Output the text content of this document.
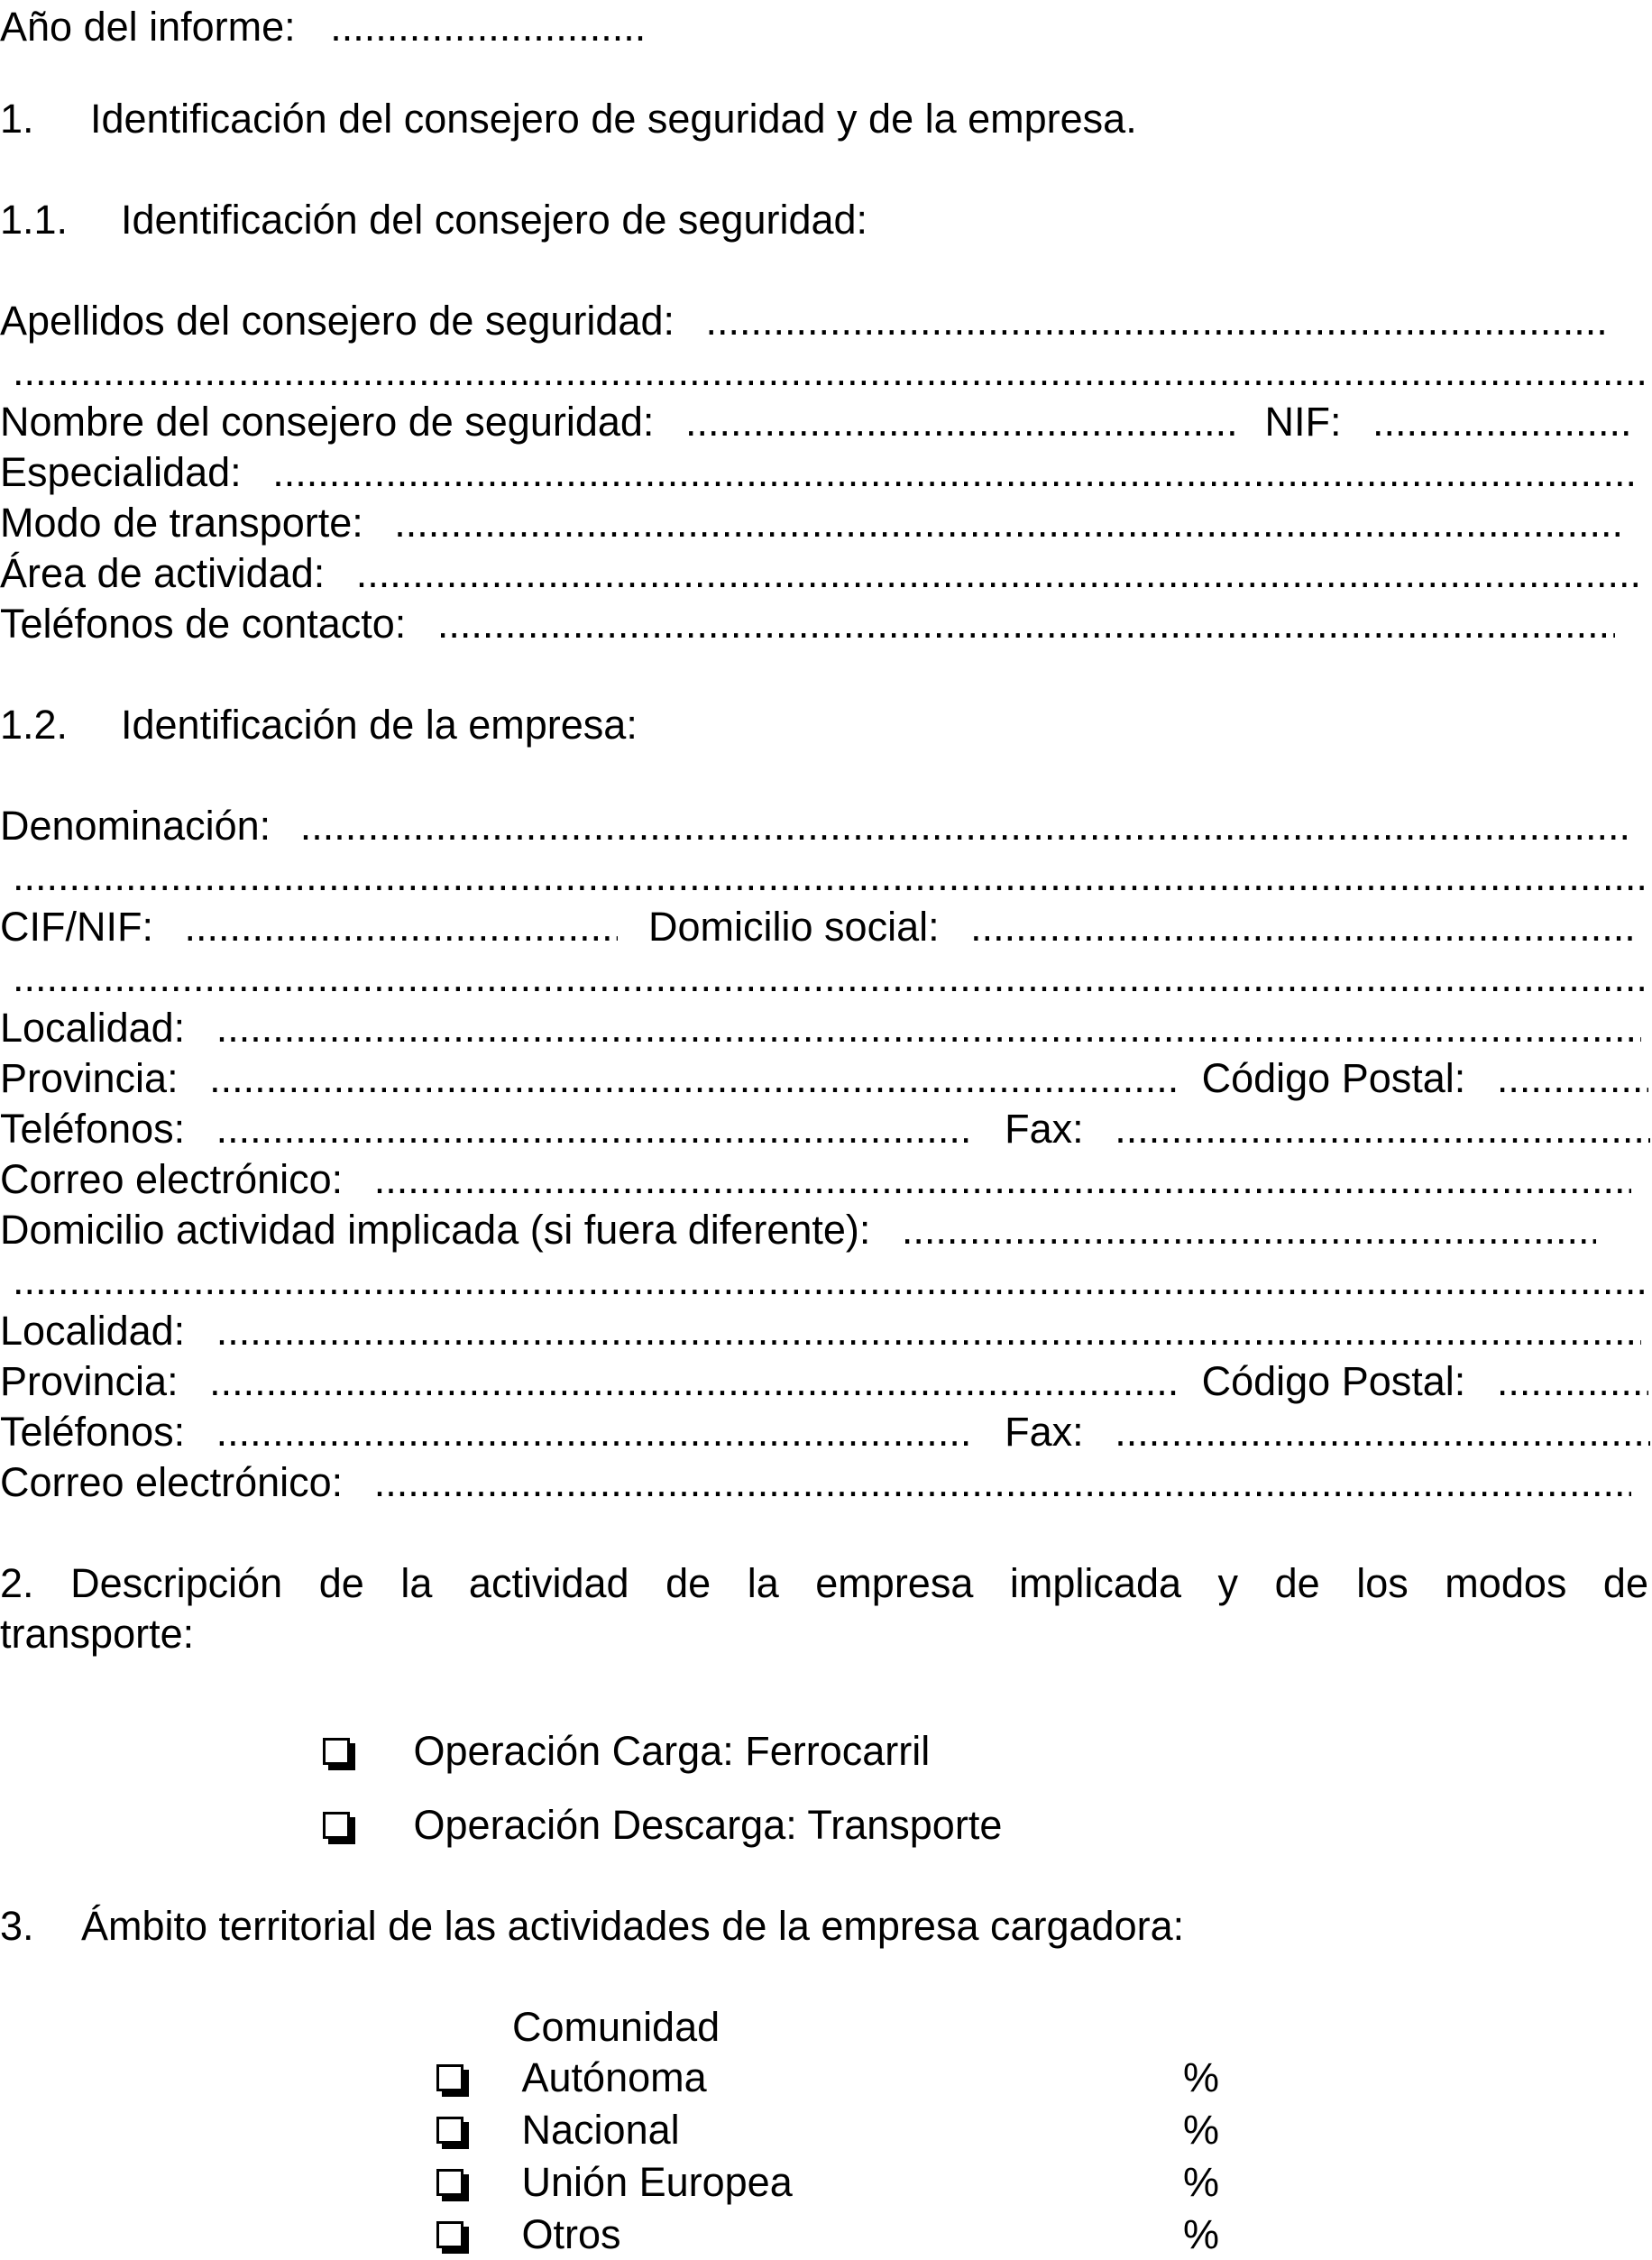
Año del informe: .....
1. Identificación del consejero de seguridad y de la empresa.
1.1. Identificación del consejero de seguridad:
Apellidos del consejero de seguridad: .....
.....
Nombre del consejero de seguridad: .....	NIF: .....
Especialidad: .....
Modo de transporte: .....
Área de actividad: .....
Teléfonos de contacto: .....
1.2. Identificación de la empresa:
Denominación: .....
.....
CIF/NIF: .....	Domicilio social: .....
.....
Localidad: .....
Provincia: .....	Código Postal: .....
Teléfonos: .....	Fax: .....
Correo electrónico: .....
Domicilio actividad implicada (si fuera diferente): .....
.....
Localidad: .....
Provincia: .....	Código Postal: .....
Teléfonos: .....	Fax: .....
Correo electrónico: .....
2. Descripción de la actividad de la empresa implicada y de los modos de
transporte:
Operación Carga: Ferrocarril
Operación Descarga: Transporte
3. Ámbito territorial de las actividades de la empresa cargadora:
Comunidad
Autónoma	%
Nacional	%
Unión Europea	%
Otros	%
